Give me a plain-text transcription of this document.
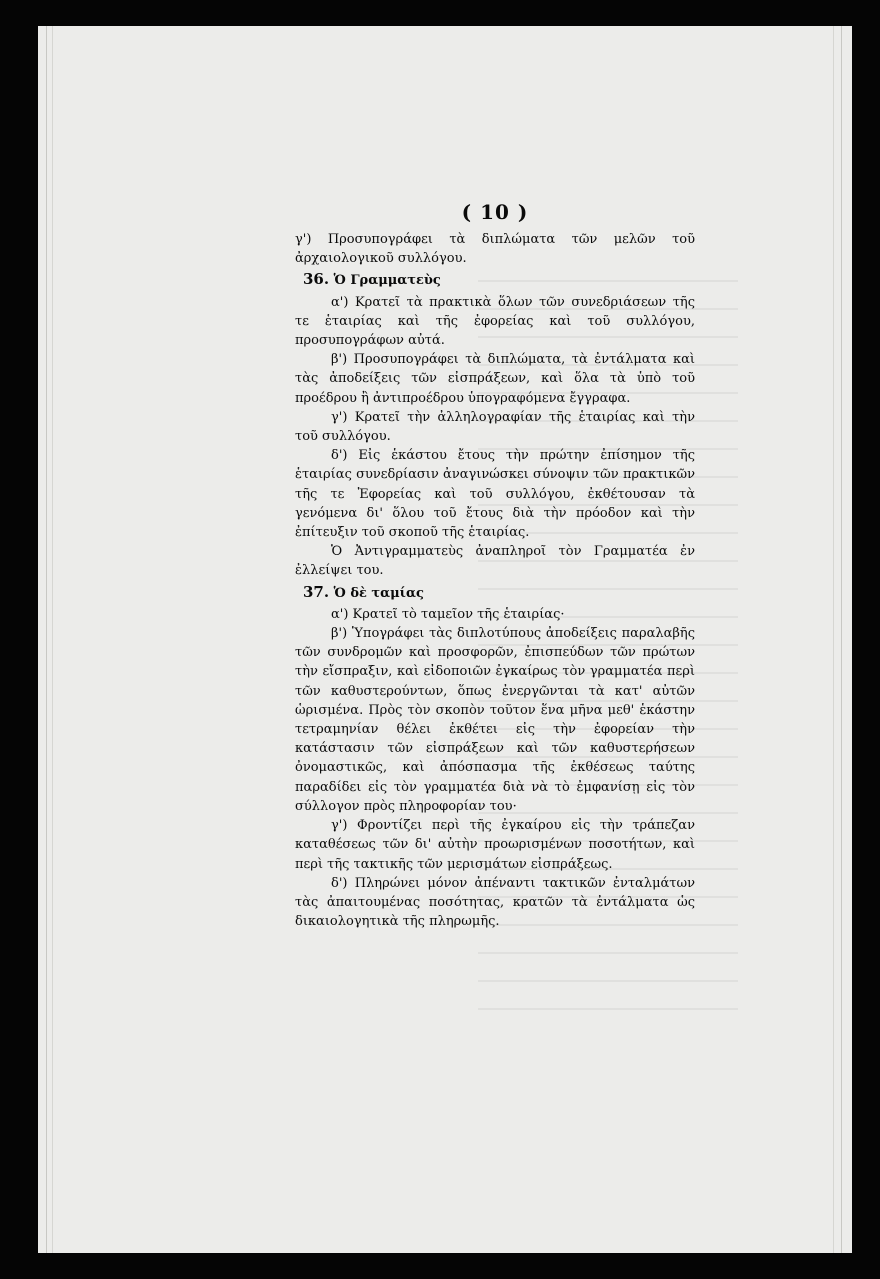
( 10 )

γ') Προσυπογράφει τὰ διπλώματα τῶν μελῶν τοῦ ἀρχαιολογικοῦ συλλόγου.

36. Ὁ Γραμματεὺς

α') Κρατεῖ τὰ πρακτικὰ ὅλων τῶν συνεδριάσεων τῆς τε ἑταιρίας καὶ τῆς ἐφορείας καὶ τοῦ συλλόγου, προσυπογράφων αὐτά.

β') Προσυπογράφει τὰ διπλώματα, τὰ ἐντάλματα καὶ τὰς ἀποδείξεις τῶν εἰσπράξεων, καὶ ὅλα τὰ ὑπὸ τοῦ προέδρου ἢ ἀντιπροέδρου ὑπογραφόμενα ἔγγραφα.

γ') Κρατεῖ τὴν ἀλληλογραφίαν τῆς ἑταιρίας καὶ τὴν τοῦ συλλόγου.

δ') Εἰς ἑκάστου ἔτους τὴν πρώτην ἐπίσημον τῆς ἑταιρίας συνεδρίασιν ἀναγινώσκει σύνοψιν τῶν πρακτικῶν τῆς τε Ἐφορείας καὶ τοῦ συλλόγου, ἐκθέτουσαν τὰ γενόμενα δι' ὅλου τοῦ ἔτους διὰ τὴν πρόοδον καὶ τὴν ἐπίτευξιν τοῦ σκοποῦ τῆς ἑταιρίας.

Ὁ Ἀντιγραμματεὺς ἀναπληροῖ τὸν Γραμματέα ἐν ἐλλείψει του.

37. Ὁ δὲ ταμίας

α') Κρατεῖ τὸ ταμεῖον τῆς ἑταιρίας·

β') Ὑπογράφει τὰς διπλοτύπους ἀποδείξεις παραλαβῆς τῶν συνδρομῶν καὶ προσφορῶν, ἐπισπεύδων τῶν πρώτων τὴν εἴσπραξιν, καὶ εἰδοποιῶν ἐγκαίρως τὸν γραμματέα περὶ τῶν καθυστερούντων, ὅπως ἐνεργῶνται τὰ κατ' αὐτῶν ὡρισμένα. Πρὸς τὸν σκοπὸν τοῦτον ἕνα μῆνα μεθ' ἑκάστην τετραμηνίαν θέλει ἐκθέτει εἰς τὴν ἐφορείαν τὴν κατάστασιν τῶν εἰσπράξεων καὶ τῶν καθυστερήσεων ὀνομαστικῶς, καὶ ἀπόσπασμα τῆς ἐκθέσεως ταύτης παραδίδει εἰς τὸν γραμματέα διὰ νὰ τὸ ἐμφανίσῃ εἰς τὸν σύλλογον πρὸς πληροφορίαν του·

γ') Φροντίζει περὶ τῆς ἐγκαίρου εἰς τὴν τράπεζαν καταθέσεως τῶν δι' αὐτὴν προωρισμένων ποσοτήτων, καὶ περὶ τῆς τακτικῆς τῶν μερισμάτων εἰσπράξεως.

δ') Πληρώνει μόνον ἀπέναντι τακτικῶν ἐνταλμάτων τὰς ἀπαιτουμένας ποσότητας, κρατῶν τὰ ἐντάλματα ὡς δικαιολογητικὰ τῆς πληρωμῆς.
